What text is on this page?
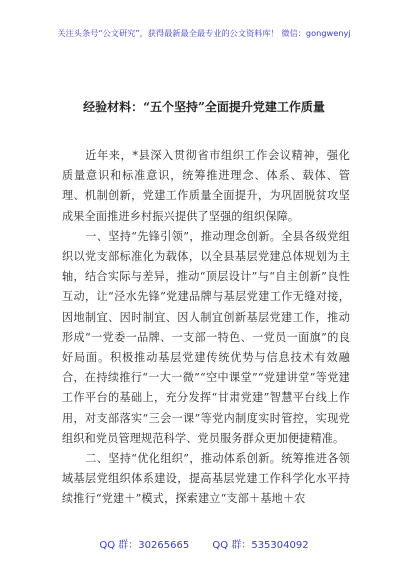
关注头条号“公文研究”，获得最新最全最专业的公文资料库！ 微信：gongwenyj
经验材料：“五个坚持”全面提升党建工作质量

近年来，*县深入贯彻省市组织工作会议精神，强化质量意识和标准意识，统筹推进理念、体系、载体、管理、机制创新，党建工作质量全面提升，为巩固脱贫攻坚成果全面推进乡村振兴提供了坚强的组织保障。

一、坚持“先锋引领”，推动理念创新。全县各级党组织以党支部标准化为载体，以全县基层党建总体规划为主轴，结合实际与差异，推动“顶层设计”与“自主创新”良性互动，让“泾水先锋”党建品牌与基层党建工作无缝对接，因地制宜、因时制宜、因人制宜创新基层党建工作，推动形成“一党委一品牌、一支部一特色、一党员一面旗”的良好局面。积极推动基层党建传统优势与信息技术有效融合，在持续推行“一大一微”“空中课堂”“党建讲堂”等党建工作平台的基础上，充分发挥“甘肃党建”智慧平台线上作用，对支部落实“三会一课”等党内制度实时管控，实现党组织和党员管理规范科学、党员服务群众更加便捷精准。

二、坚持“优化组织”，推动体系创新。统筹推进各领域基层党组织体系建设，提高基层党建工作科学化水平持续推行“党建＋”模式，探索建立“支部＋基地＋农

QQ 群：30265665 QQ 群：535304092
